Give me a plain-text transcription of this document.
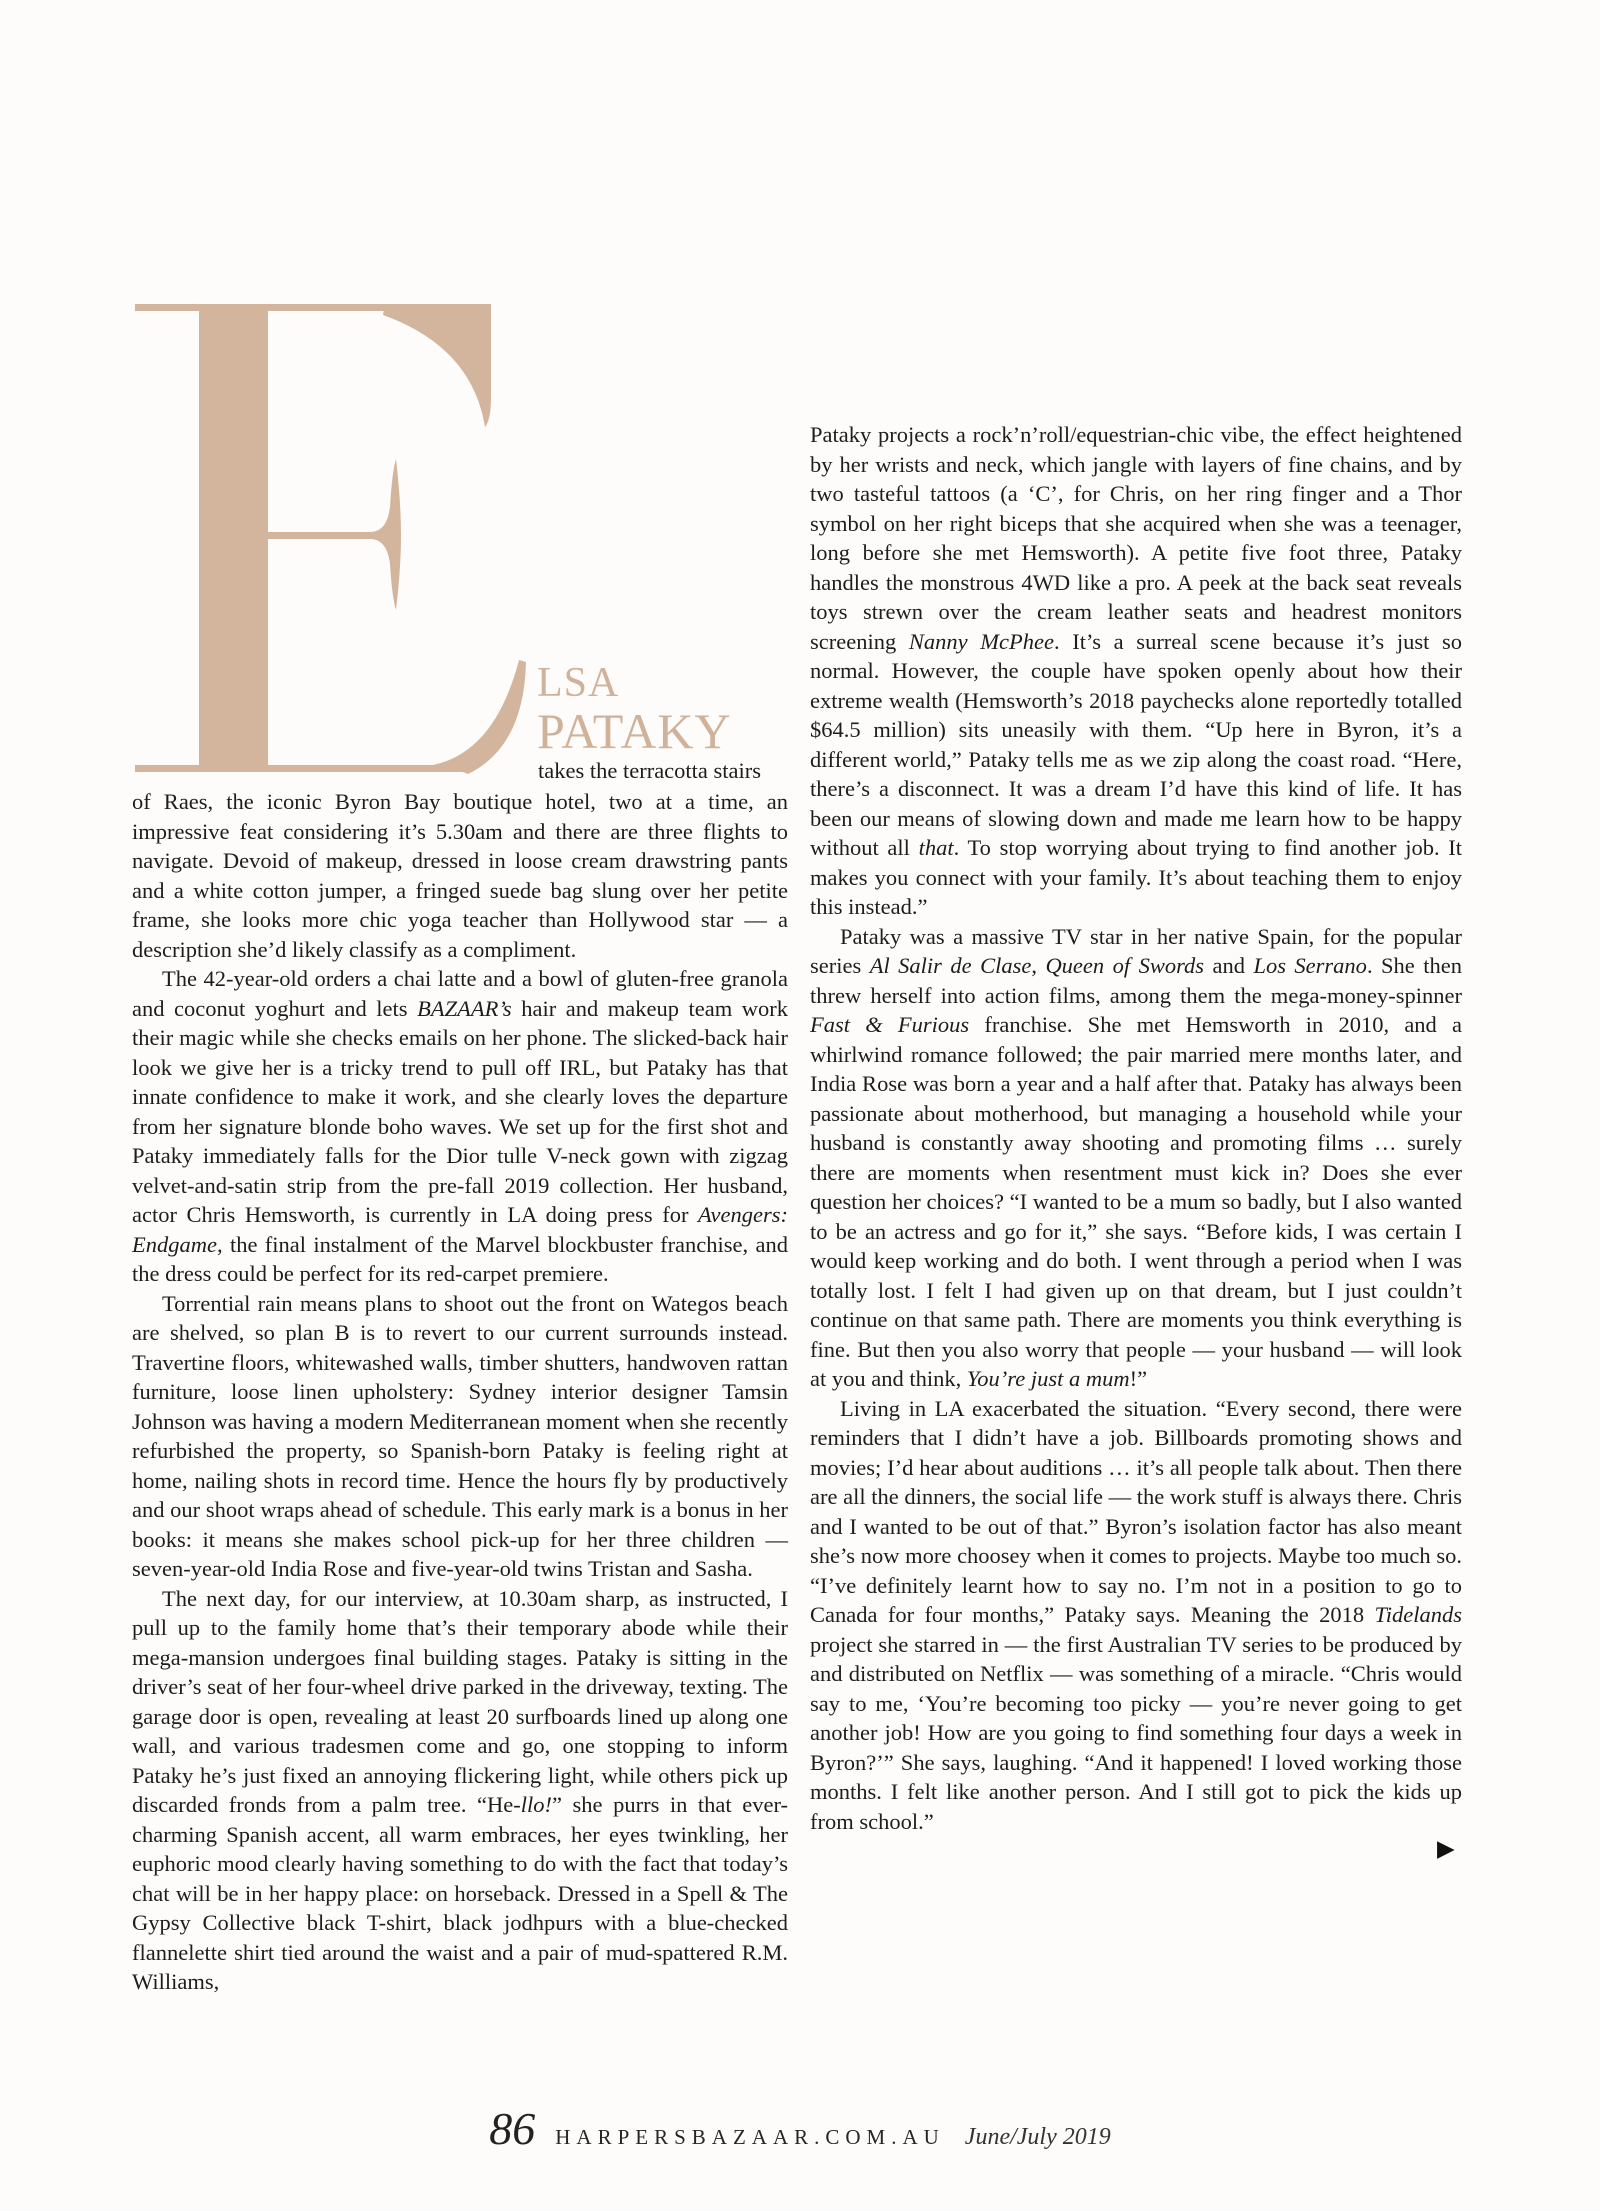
LSA
PATAKY
takes the terracotta stairs

of Raes, the iconic Byron Bay boutique hotel, two at a time, an impressive feat considering it’s 5.30am and there are three flights to navigate. Devoid of makeup, dressed in loose cream drawstring pants and a white cotton jumper, a fringed suede bag slung over her petite frame, she looks more chic yoga teacher than Hollywood star — a description she’d likely classify as a compliment.

The 42-year-old orders a chai latte and a bowl of gluten-free granola and coconut yoghurt and lets BAZAAR’s hair and makeup team work their magic while she checks emails on her phone. The slicked-back hair look we give her is a tricky trend to pull off IRL, but Pataky has that innate confidence to make it work, and she clearly loves the departure from her signature blonde boho waves. We set up for the first shot and Pataky immediately falls for the Dior tulle V-neck gown with zigzag velvet-and-satin strip from the pre-fall 2019 collection. Her husband, actor Chris Hemsworth, is currently in LA doing press for Avengers: Endgame, the final instalment of the Marvel blockbuster franchise, and the dress could be perfect for its red-carpet premiere.

Torrential rain means plans to shoot out the front on Wategos beach are shelved, so plan B is to revert to our current surrounds instead. Travertine floors, whitewashed walls, timber shutters, handwoven rattan furniture, loose linen upholstery: Sydney interior designer Tamsin Johnson was having a modern Mediterranean moment when she recently refurbished the property, so Spanish-born Pataky is feeling right at home, nailing shots in record time. Hence the hours fly by productively and our shoot wraps ahead of schedule. This early mark is a bonus in her books: it means she makes school pick-up for her three children — seven-year-old India Rose and five-year-old twins Tristan and Sasha.

The next day, for our interview, at 10.30am sharp, as instructed, I pull up to the family home that’s their temporary abode while their mega-mansion undergoes final building stages. Pataky is sitting in the driver’s seat of her four-wheel drive parked in the driveway, texting. The garage door is open, revealing at least 20 surfboards lined up along one wall, and various tradesmen come and go, one stopping to inform Pataky he’s just fixed an annoying flickering light, while others pick up discarded fronds from a palm tree. “He-llo!” she purrs in that ever-charming Spanish accent, all warm embraces, her eyes twinkling, her euphoric mood clearly having something to do with the fact that today’s chat will be in her happy place: on horseback. Dressed in a Spell & The Gypsy Collective black T-shirt, black jodhpurs with a blue-checked flannelette shirt tied around the waist and a pair of mud-spattered R.M. Williams,

Pataky projects a rock’n’roll/equestrian-chic vibe, the effect heightened by her wrists and neck, which jangle with layers of fine chains, and by two tasteful tattoos (a ‘C’, for Chris, on her ring finger and a Thor symbol on her right biceps that she acquired when she was a teenager, long before she met Hemsworth). A petite five foot three, Pataky handles the monstrous 4WD like a pro. A peek at the back seat reveals toys strewn over the cream leather seats and headrest monitors screening Nanny McPhee. It’s a surreal scene because it’s just so normal. However, the couple have spoken openly about how their extreme wealth (Hemsworth’s 2018 paychecks alone reportedly totalled $64.5 million) sits uneasily with them. “Up here in Byron, it’s a different world,” Pataky tells me as we zip along the coast road. “Here, there’s a disconnect. It was a dream I’d have this kind of life. It has been our means of slowing down and made me learn how to be happy without all that. To stop worrying about trying to find another job. It makes you connect with your family. It’s about teaching them to enjoy this instead.”

Pataky was a massive TV star in her native Spain, for the popular series Al Salir de Clase, Queen of Swords and Los Serrano. She then threw herself into action films, among them the mega-money-spinner Fast & Furious franchise. She met Hemsworth in 2010, and a whirlwind romance followed; the pair married mere months later, and India Rose was born a year and a half after that. Pataky has always been passionate about motherhood, but managing a household while your husband is constantly away shooting and promoting films … surely there are moments when resentment must kick in? Does she ever question her choices? “I wanted to be a mum so badly, but I also wanted to be an actress and go for it,” she says. “Before kids, I was certain I would keep working and do both. I went through a period when I was totally lost. I felt I had given up on that dream, but I just couldn’t continue on that same path. There are moments you think everything is fine. But then you also worry that people — your husband — will look at you and think, You’re just a mum!”

Living in LA exacerbated the situation. “Every second, there were reminders that I didn’t have a job. Billboards promoting shows and movies; I’d hear about auditions … it’s all people talk about. Then there are all the dinners, the social life — the work stuff is always there. Chris and I wanted to be out of that.” Byron’s isolation factor has also meant she’s now more choosey when it comes to projects. Maybe too much so. “I’ve definitely learnt how to say no. I’m not in a position to go to Canada for four months,” Pataky says. Meaning the 2018 Tidelands project she starred in — the first Australian TV series to be produced by and distributed on Netflix — was something of a miracle. “Chris would say to me, ‘You’re becoming too picky — you’re never going to get another job! How are you going to find something four days a week in Byron?’” She says, laughing. “And it happened! I loved working those months. I felt like another person. And I still got to pick the kids up from school.”

▶
86 HARPERSBAZAAR.COM.AU June/July 2019
